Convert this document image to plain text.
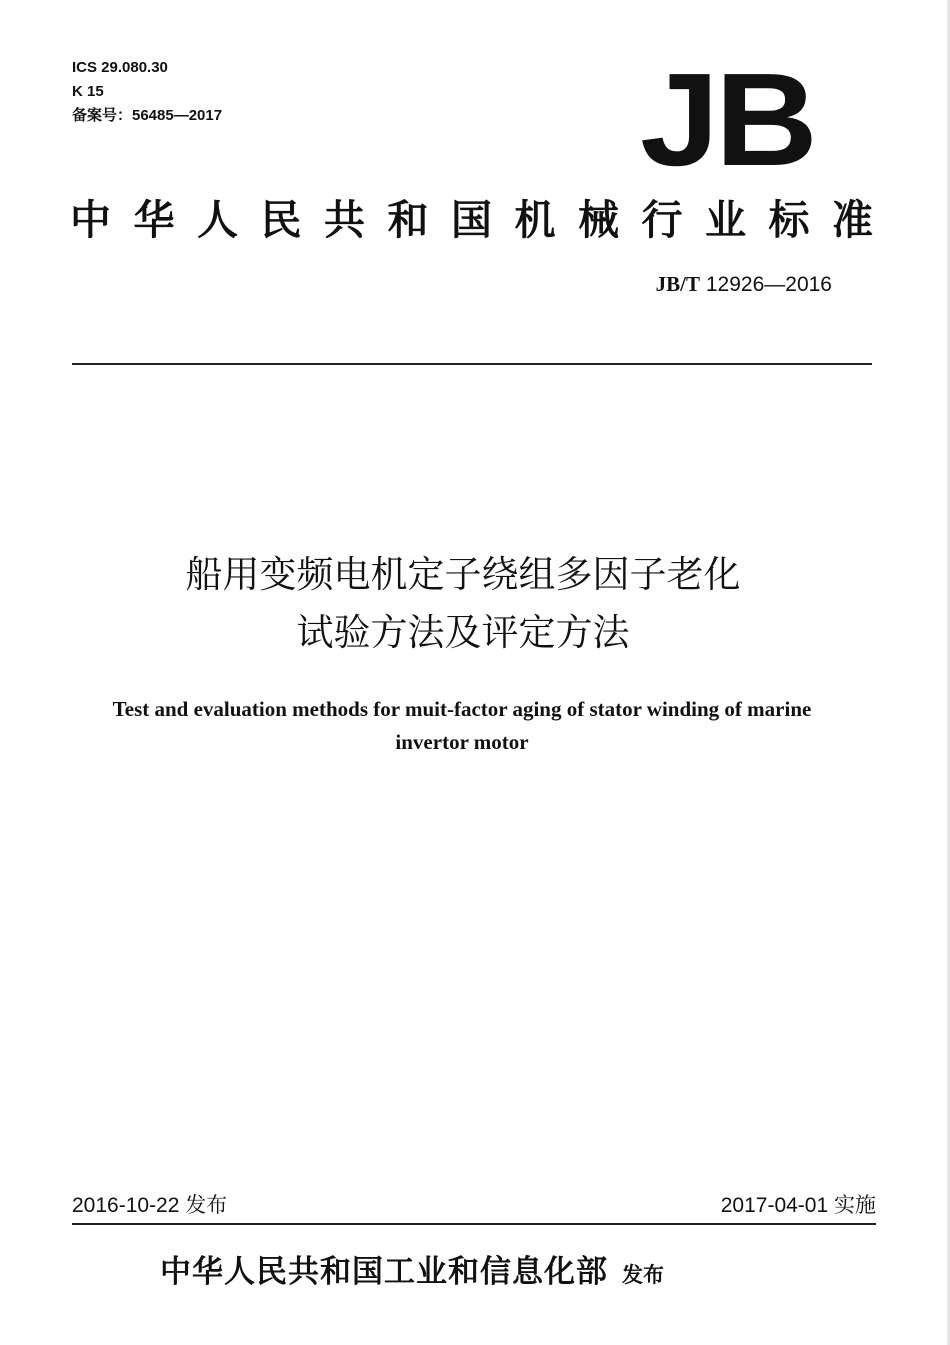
ICS 29.080.30
K 15
备案号：56485—2017	JB
中华人民共和国机械行业标准
JB/T 12926—2016
船用变频电机定子绕组多因子老化
试验方法及评定方法
Test and evaluation methods for muit-factor aging of stator winding of marine
invertor motor
2016-10-22 发布	2017-04-01 实施
中华人民共和国工业和信息化部 发布
